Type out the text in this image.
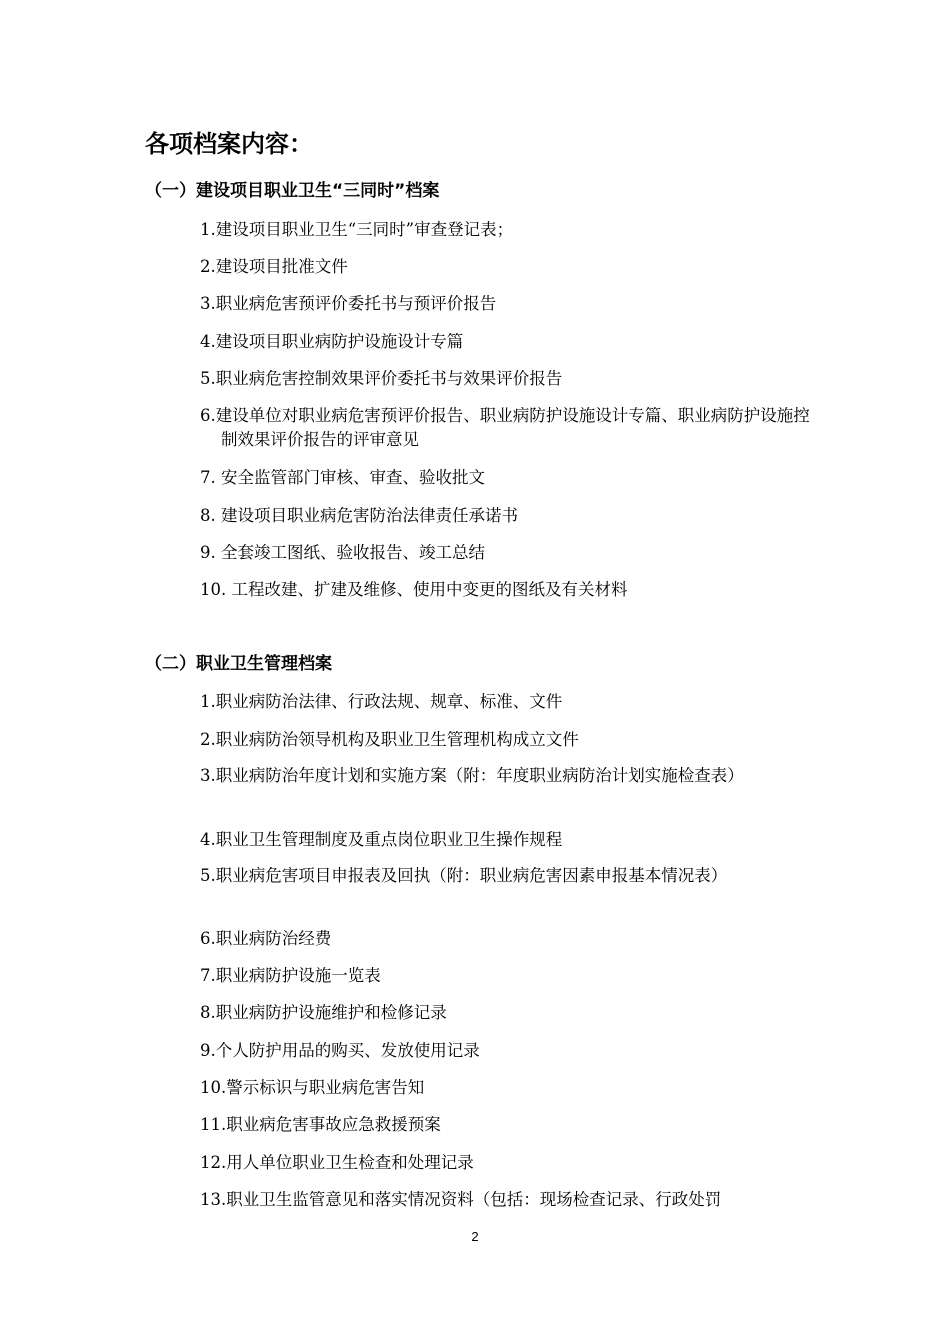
各项档案内容：
（一）建设项目职业卫生“三同时”档案
1.建设项目职业卫生“三同时”审查登记表；
2.建设项目批准文件
3.职业病危害预评价委托书与预评价报告
4.建设项目职业病防护设施设计专篇
5.职业病危害控制效果评价委托书与效果评价报告
6.建设单位对职业病危害预评价报告、职业病防护设施设计专篇、职业病防护设施控制效果评价报告的评审意见
7. 安全监管部门审核、审查、验收批文
8. 建设项目职业病危害防治法律责任承诺书
9. 全套竣工图纸、验收报告、竣工总结
10. 工程改建、扩建及维修、使用中变更的图纸及有关材料
（二）职业卫生管理档案
1.职业病防治法律、行政法规、规章、标准、文件
2.职业病防治领导机构及职业卫生管理机构成立文件
3.职业病防治年度计划和实施方案（附：年度职业病防治计划实施检查表）
4.职业卫生管理制度及重点岗位职业卫生操作规程
5.职业病危害项目申报表及回执（附：职业病危害因素申报基本情况表）
6.职业病防治经费
7.职业病防护设施一览表
8.职业病防护设施维护和检修记录
9.个人防护用品的购买、发放使用记录
10.警示标识与职业病危害告知
11.职业病危害事故应急救援预案
12.用人单位职业卫生检查和处理记录
13.职业卫生监管意见和落实情况资料（包括：现场检查记录、行政处罚
2
